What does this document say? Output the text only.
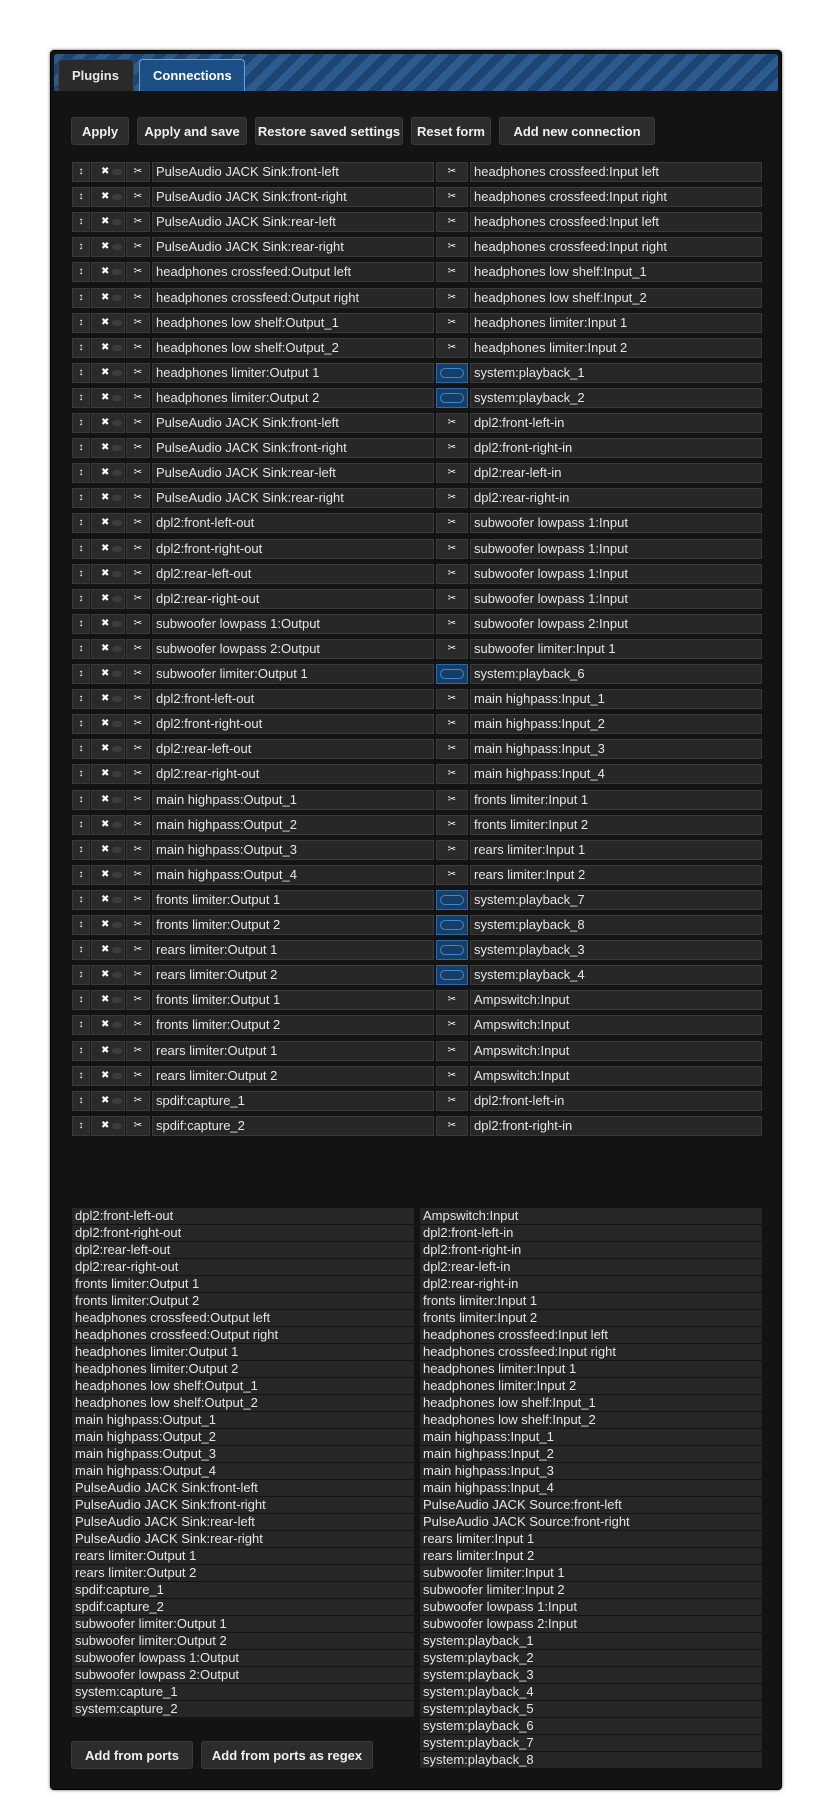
Plugins	Connections
Apply	Apply and save	Restore saved settings	Reset form	Add new connection
↕	✖	✂	PulseAudio JACK Sink:front-left	✂	headphones crossfeed:Input left
↕	✖	✂	PulseAudio JACK Sink:front-right	✂	headphones crossfeed:Input right
↕	✖	✂	PulseAudio JACK Sink:rear-left	✂	headphones crossfeed:Input left
↕	✖	✂	PulseAudio JACK Sink:rear-right	✂	headphones crossfeed:Input right
↕	✖	✂	headphones crossfeed:Output left	✂	headphones low shelf:Input_1
↕	✖	✂	headphones crossfeed:Output right	✂	headphones low shelf:Input_2
↕	✖	✂	headphones low shelf:Output_1	✂	headphones limiter:Input 1
↕	✖	✂	headphones low shelf:Output_2	✂	headphones limiter:Input 2
↕	✖	✂	headphones limiter:Output 1	system:playback_1
↕	✖	✂	headphones limiter:Output 2	system:playback_2
↕	✖	✂	PulseAudio JACK Sink:front-left	✂	dpl2:front-left-in
↕	✖	✂	PulseAudio JACK Sink:front-right	✂	dpl2:front-right-in
↕	✖	✂	PulseAudio JACK Sink:rear-left	✂	dpl2:rear-left-in
↕	✖	✂	PulseAudio JACK Sink:rear-right	✂	dpl2:rear-right-in
↕	✖	✂	dpl2:front-left-out	✂	subwoofer lowpass 1:Input
↕	✖	✂	dpl2:front-right-out	✂	subwoofer lowpass 1:Input
↕	✖	✂	dpl2:rear-left-out	✂	subwoofer lowpass 1:Input
↕	✖	✂	dpl2:rear-right-out	✂	subwoofer lowpass 1:Input
↕	✖	✂	subwoofer lowpass 1:Output	✂	subwoofer lowpass 2:Input
↕	✖	✂	subwoofer lowpass 2:Output	✂	subwoofer limiter:Input 1
↕	✖	✂	subwoofer limiter:Output 1	system:playback_6
↕	✖	✂	dpl2:front-left-out	✂	main highpass:Input_1
↕	✖	✂	dpl2:front-right-out	✂	main highpass:Input_2
↕	✖	✂	dpl2:rear-left-out	✂	main highpass:Input_3
↕	✖	✂	dpl2:rear-right-out	✂	main highpass:Input_4
↕	✖	✂	main highpass:Output_1	✂	fronts limiter:Input 1
↕	✖	✂	main highpass:Output_2	✂	fronts limiter:Input 2
↕	✖	✂	main highpass:Output_3	✂	rears limiter:Input 1
↕	✖	✂	main highpass:Output_4	✂	rears limiter:Input 2
↕	✖	✂	fronts limiter:Output 1	system:playback_7
↕	✖	✂	fronts limiter:Output 2	system:playback_8
↕	✖	✂	rears limiter:Output 1	system:playback_3
↕	✖	✂	rears limiter:Output 2	system:playback_4
↕	✖	✂	fronts limiter:Output 1	✂	Ampswitch:Input
↕	✖	✂	fronts limiter:Output 2	✂	Ampswitch:Input
↕	✖	✂	rears limiter:Output 1	✂	Ampswitch:Input
↕	✖	✂	rears limiter:Output 2	✂	Ampswitch:Input
↕	✖	✂	spdif:capture_1	✂	dpl2:front-left-in
↕	✖	✂	spdif:capture_2	✂	dpl2:front-right-in
dpl2:front-left-out
dpl2:front-right-out
dpl2:rear-left-out
dpl2:rear-right-out
fronts limiter:Output 1
fronts limiter:Output 2
headphones crossfeed:Output left
headphones crossfeed:Output right
headphones limiter:Output 1
headphones limiter:Output 2
headphones low shelf:Output_1
headphones low shelf:Output_2
main highpass:Output_1
main highpass:Output_2
main highpass:Output_3
main highpass:Output_4
PulseAudio JACK Sink:front-left
PulseAudio JACK Sink:front-right
PulseAudio JACK Sink:rear-left
PulseAudio JACK Sink:rear-right
rears limiter:Output 1
rears limiter:Output 2
spdif:capture_1
spdif:capture_2
subwoofer limiter:Output 1
subwoofer limiter:Output 2
subwoofer lowpass 1:Output
subwoofer lowpass 2:Output
system:capture_1
system:capture_2
Ampswitch:Input
dpl2:front-left-in
dpl2:front-right-in
dpl2:rear-left-in
dpl2:rear-right-in
fronts limiter:Input 1
fronts limiter:Input 2
headphones crossfeed:Input left
headphones crossfeed:Input right
headphones limiter:Input 1
headphones limiter:Input 2
headphones low shelf:Input_1
headphones low shelf:Input_2
main highpass:Input_1
main highpass:Input_2
main highpass:Input_3
main highpass:Input_4
PulseAudio JACK Source:front-left
PulseAudio JACK Source:front-right
rears limiter:Input 1
rears limiter:Input 2
subwoofer limiter:Input 1
subwoofer limiter:Input 2
subwoofer lowpass 1:Input
subwoofer lowpass 2:Input
system:playback_1
system:playback_2
system:playback_3
system:playback_4
system:playback_5
system:playback_6
system:playback_7
system:playback_8
Add from ports	Add from ports as regex
